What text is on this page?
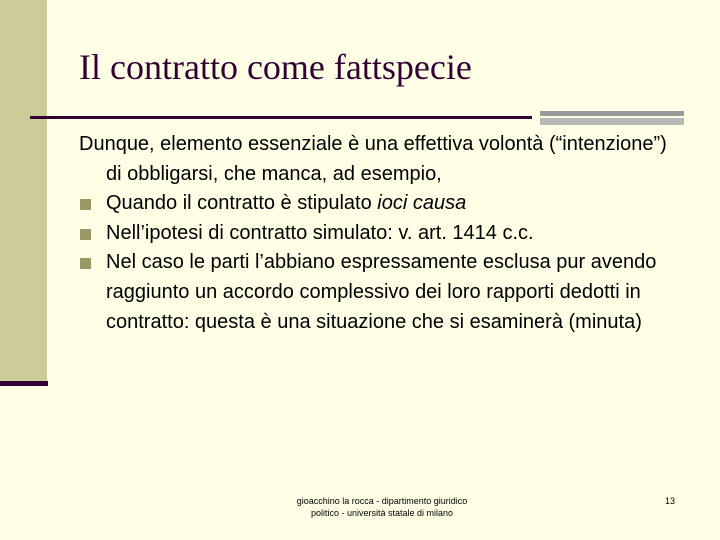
Il contratto come fattspecie
Dunque, elemento essenziale è una effettiva volontà (“intenzione”) di obbligarsi, che manca, ad esempio,
Quando il contratto è stipulato ioci causa
Nell’ipotesi di contratto simulato: v. art. 1414 c.c.
Nel caso le parti l’abbiano espressamente esclusa pur avendo raggiunto un accordo complessivo dei loro rapporti dedotti in contratto: questa è una situazione che si esaminerà (minuta)
gioacchino la rocca - dipartimento giuridico
politico - università statale di milano
13
